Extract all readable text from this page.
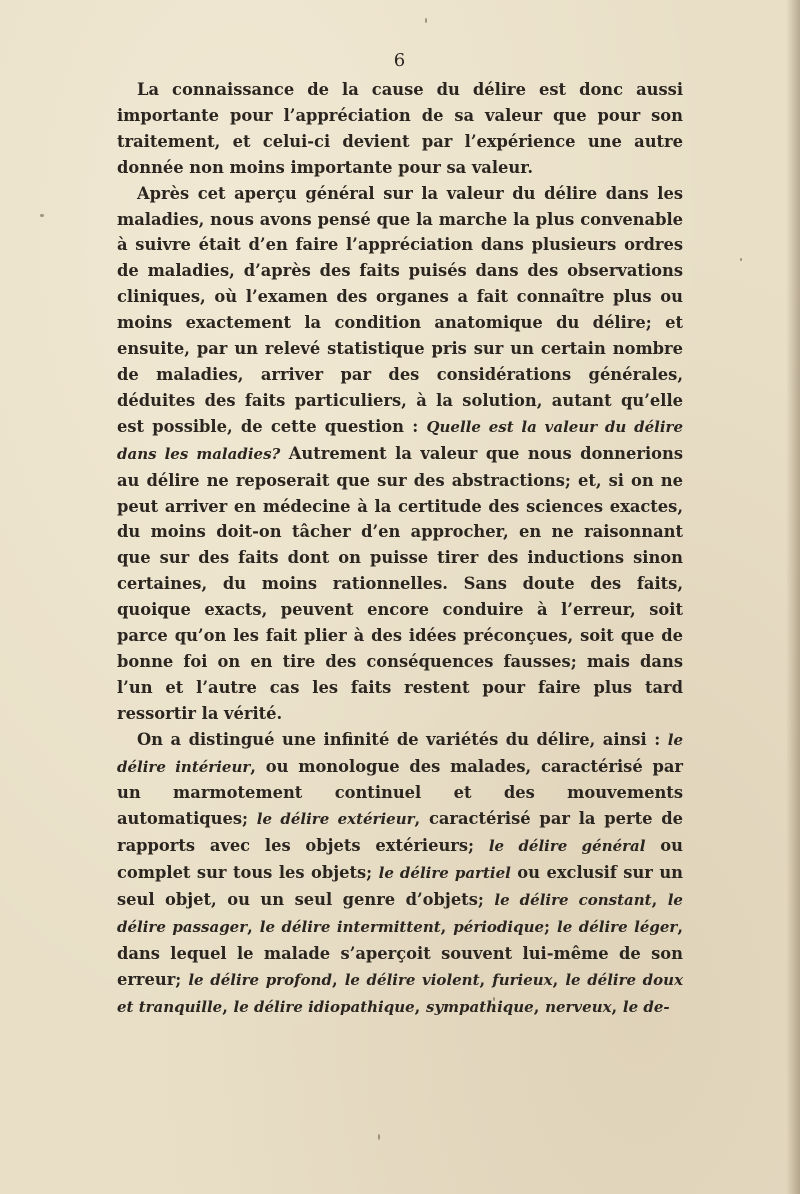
6

La connaissance de la cause du délire est donc aussi importante pour l’appréciation de sa valeur que pour son traitement, et celui-ci devient par l’expérience une autre donnée non moins importante pour sa valeur.

Après cet aperçu général sur la valeur du délire dans les maladies, nous avons pensé que la marche la plus convenable à suivre était d’en faire l’appréciation dans plusieurs ordres de maladies, d’après des faits puisés dans des observations cliniques, où l’examen des organes a fait connaître plus ou moins exactement la condition anatomique du délire; et ensuite, par un relevé statistique pris sur un certain nombre de maladies, arriver par des considérations générales, déduites des faits particuliers, à la solution, autant qu’elle est possible, de cette question : Quelle est la valeur du délire dans les maladies? Autrement la valeur que nous donnerions au délire ne reposerait que sur des abstractions; et, si on ne peut arriver en médecine à la certitude des sciences exactes, du moins doit-on tâcher d’en approcher, en ne raisonnant que sur des faits dont on puisse tirer des inductions sinon certaines, du moins rationnelles. Sans doute des faits, quoique exacts, peuvent encore conduire à l’erreur, soit parce qu’on les fait plier à des idées préconçues, soit que de bonne foi on en tire des conséquences fausses; mais dans l’un et l’autre cas les faits restent pour faire plus tard ressortir la vérité.

On a distingué une infinité de variétés du délire, ainsi : le délire intérieur, ou monologue des malades, caractérisé par un marmotement continuel et des mouvements automatiques; le délire extérieur, caractérisé par la perte de rapports avec les objets extérieurs; le délire général ou complet sur tous les objets; le délire partiel ou exclusif sur un seul objet, ou un seul genre d’objets; le délire constant, le délire passager, le délire intermittent, périodique; le délire léger, dans lequel le malade s’aperçoit souvent lui-même de son erreur; le délire profond, le délire violent, furieux, le délire doux et tranquille, le délire idiopathique, sympathique, nerveux, le de-
